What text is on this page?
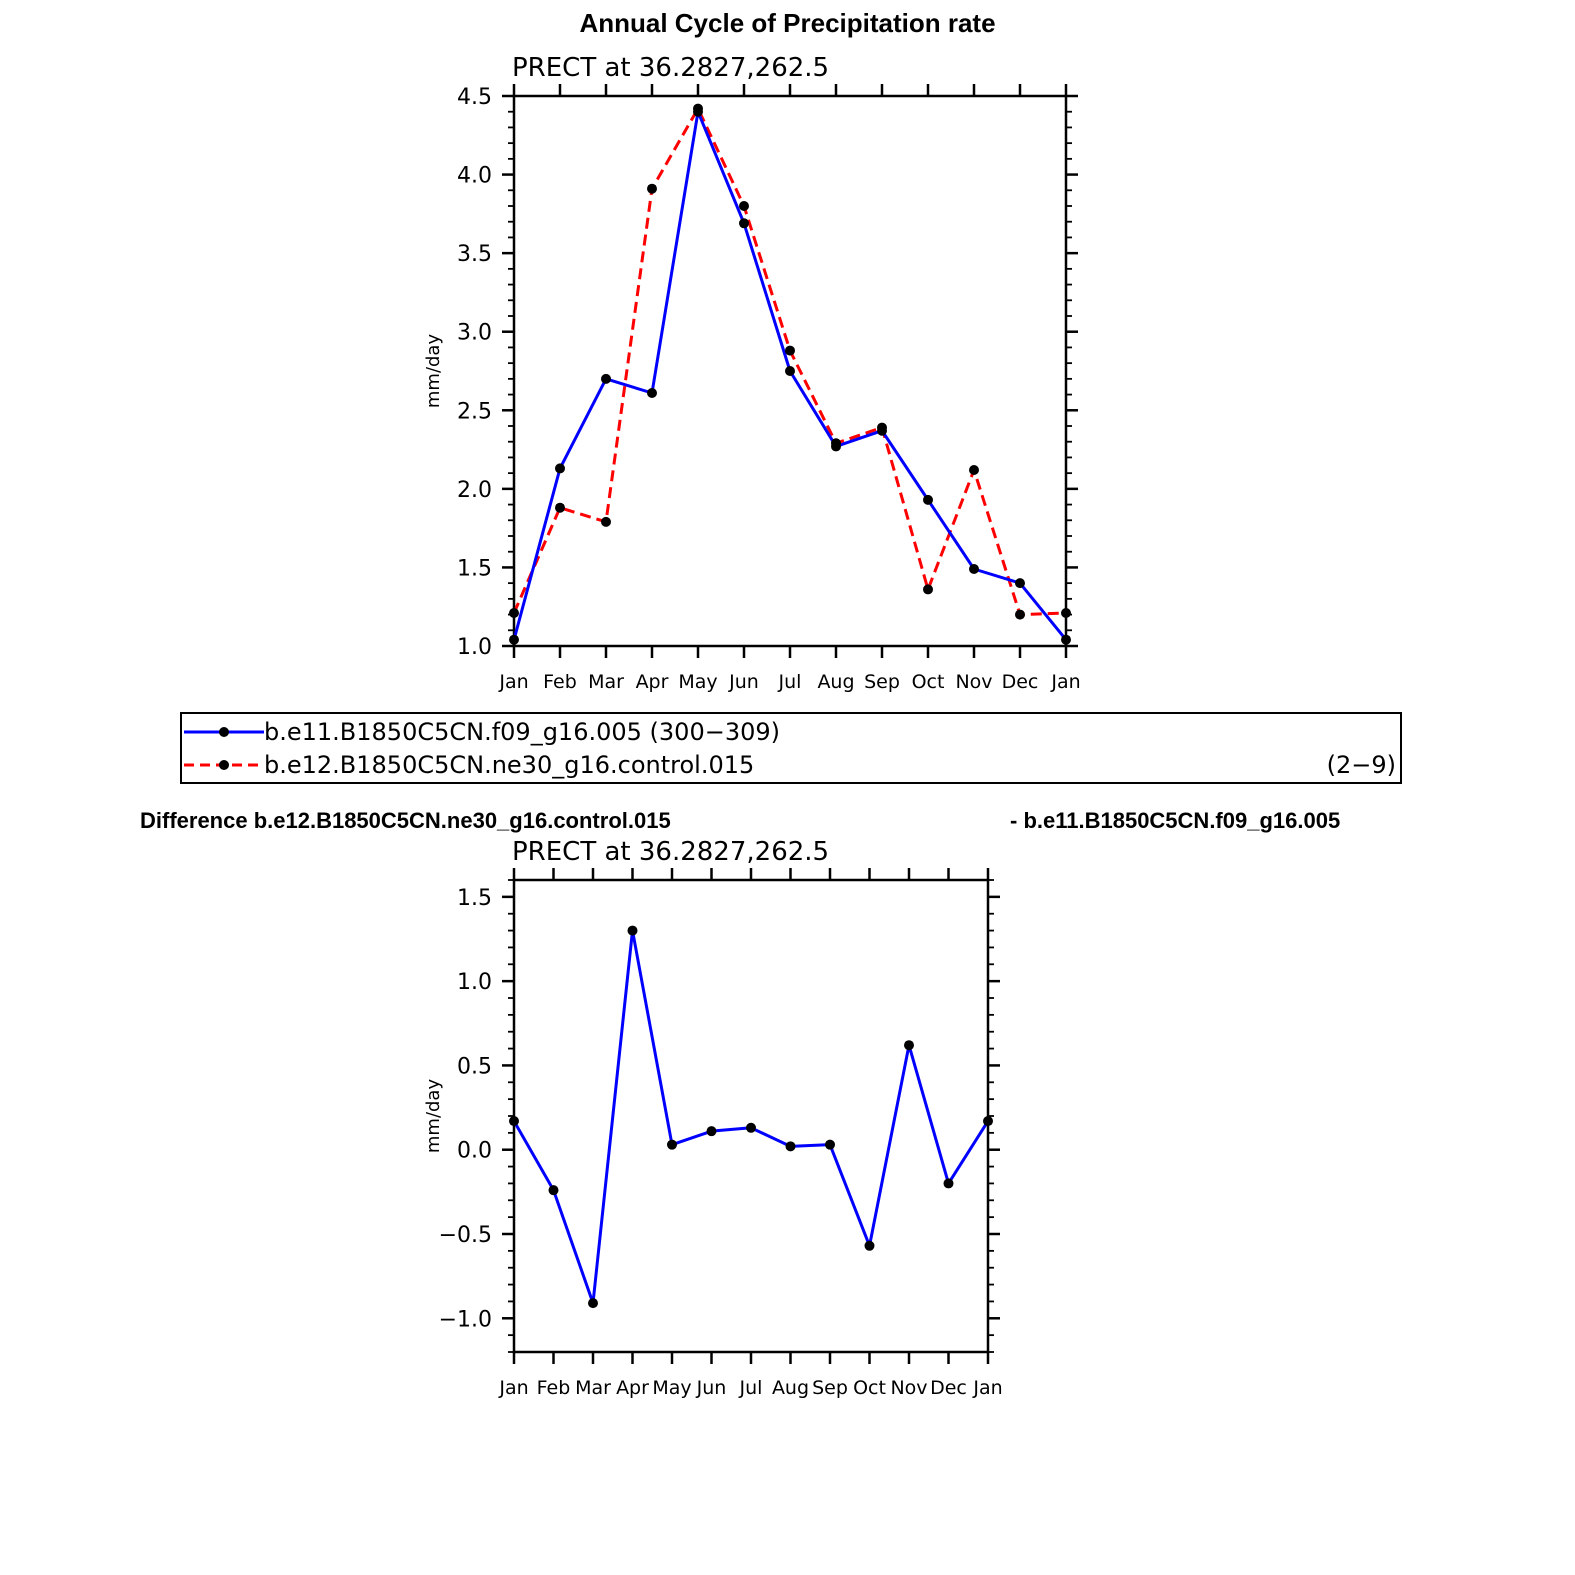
Annual Cycle of Precipitation rate
1.0
1.5
2.0
2.5
3.0
3.5
4.0
4.5
Jan Feb Mar Apr May Jun Jul Aug Sep Oct Nov Dec Jan
PRECT at 36.2827,262.5
mm/day
b.e11.B1850C5CN.f09_g16.005 (300−309)
b.e12.B1850C5CN.ne30_g16.control.015	(2−9)
Difference b.e12.B1850C5CN.ne30_g16.control.015	- b.e11.B1850C5CN.f09_g16.005
−1.0
−0.5
0.0
0.5
1.0
1.5
Jan Feb Mar Apr May Jun Jul Aug Sep Oct Nov Dec Jan
PRECT at 36.2827,262.5
mm/day
